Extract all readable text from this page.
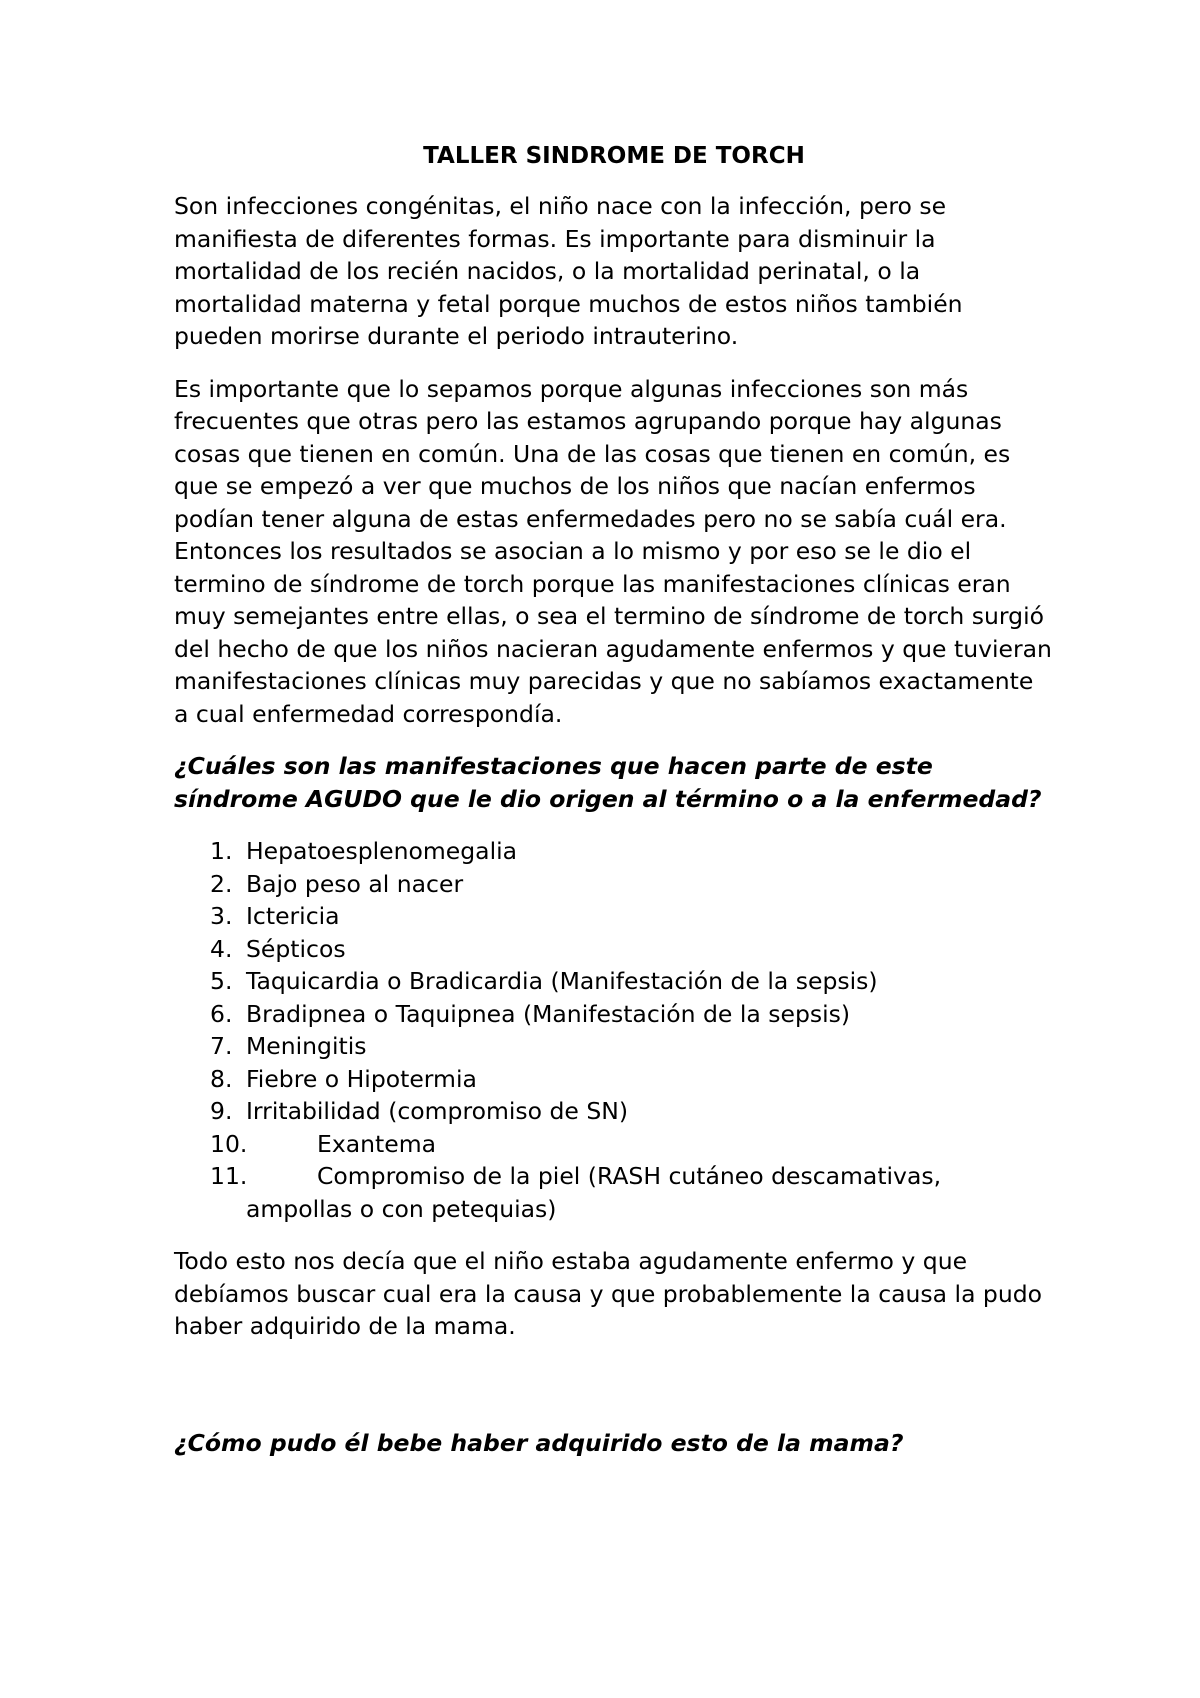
TALLER SINDROME DE TORCH

Son infecciones congénitas, el niño nace con la infección, pero se manifiesta de diferentes formas. Es importante para disminuir la mortalidad de los recién nacidos, o la mortalidad perinatal, o la mortalidad materna y fetal porque muchos de estos niños también pueden morirse durante el periodo intrauterino.

Es importante que lo sepamos porque algunas infecciones son más frecuentes que otras pero las estamos agrupando porque hay algunas cosas que tienen en común. Una de las cosas que tienen en común, es que se empezó a ver que muchos de los niños que nacían enfermos podían tener alguna de estas enfermedades pero no se sabía cuál era. Entonces los resultados se asocian a lo mismo y por eso se le dio el termino de síndrome de torch porque las manifestaciones clínicas eran muy semejantes entre ellas, o sea el termino de síndrome de torch surgió del hecho de que los niños nacieran agudamente enfermos y que tuvieran manifestaciones clínicas muy parecidas y que no sabíamos exactamente a cual enfermedad correspondía.

¿Cuáles son las manifestaciones que hacen parte de este síndrome AGUDO que le dio origen al término o a la enfermedad?
1. Hepatoesplenomegalia
2. Bajo peso al nacer
3. Ictericia
4. Sépticos
5. Taquicardia o Bradicardia (Manifestación de la sepsis)
6. Bradipnea o Taquipnea (Manifestación de la sepsis)
7. Meningitis
8. Fiebre o Hipotermia
9. Irritabilidad (compromiso de SN)
10.	Exantema
11.	Compromiso de la piel (RASH cutáneo descamativas, ampollas o con petequias)

Todo esto nos decía que el niño estaba agudamente enfermo y que debíamos buscar cual era la causa y que probablemente la causa la pudo haber adquirido de la mama.

¿Cómo pudo él bebe haber adquirido esto de la mama?
